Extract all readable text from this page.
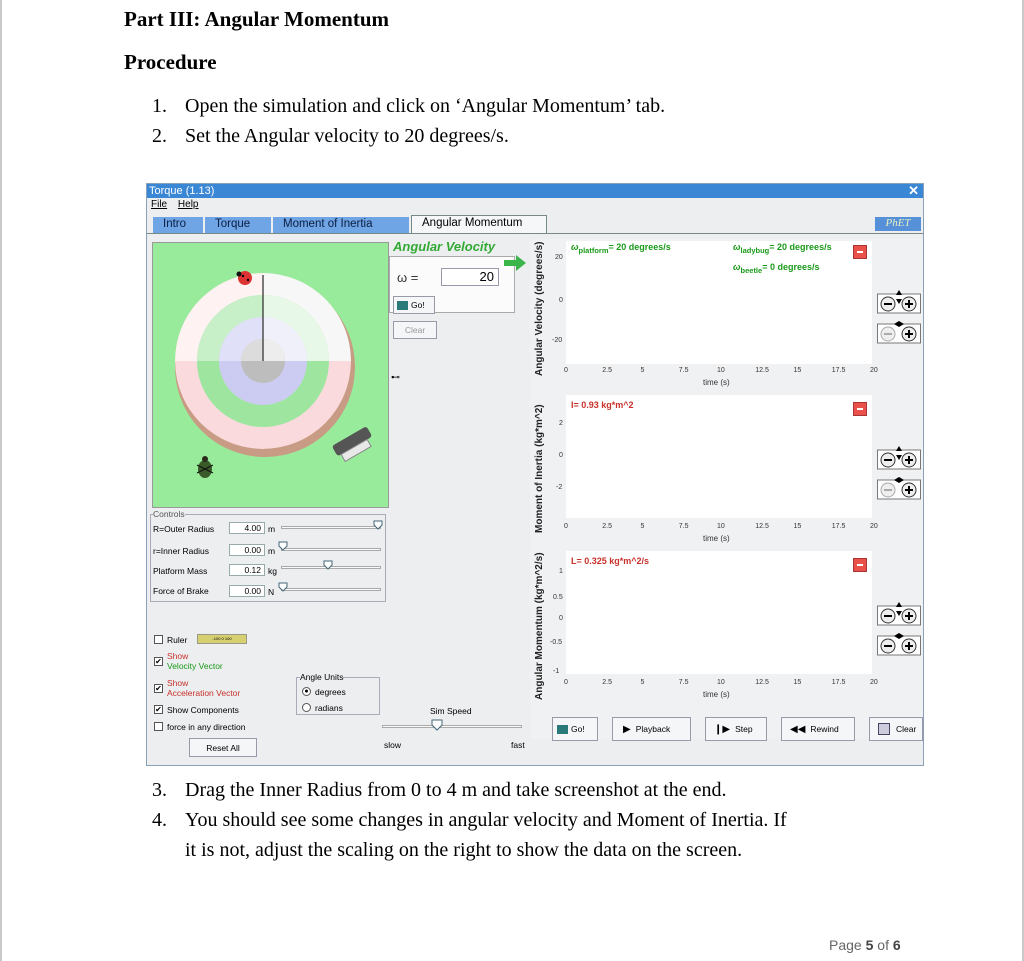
Part III: Angular Momentum
Procedure
1. Open the simulation and click on ‘Angular Momentum’ tab.
2. Set the Angular velocity to 20 degrees/s.
Torque (1.13)	✕
File Help
Intro	Torque	Moment of Inertia	Angular Momentum	PhET
⊷
Controls
R=Outer Radius	4.00 m
r=Inner Radius	0.00 m
Platform Mass	0.12 kg
Force of Brake	0.00 N
Ruler	-100 0 100
✔
Show
Velocity Vector
✔
Show
Acceleration Vector
✔ Show Components
force in any direction
Reset All
Angle Units
● degrees
radians	Sim Speed
slow	fast
Angular Velocity
ω =	20
Go!
Clear	Angular Velocity (degrees/s) 20
0
-20
$\omega_{platform}= 20$ degrees/s	$\omega_{ladybug}= 20$ degrees/s
$\omega_{beetle}= 0$ degrees/s
time (s)
0	2.5	5	7.5	10	12.5	15	17.5	20
Moment of Inertia (kg*m^2) 2
0
-2
I= 0.93 kg*m^2
time (s)
0	2.5	5	7.5	10	12.5	15	17.5	20
Angular Momentum (kg*m^2/s) 1
0.5
0
-0.5
-1
L= 0.325 kg*m^2/s
time (s)
0	2.5	5	7.5	10	12.5	15	17.5	20
Go!	▶ Playback	❙▶ Step	◀◀ Rewind	Clear
3. Drag the Inner Radius from 0 to 4 m and take screenshot at the end.
4. You should see some changes in angular velocity and Moment of Inertia. If
it is not, adjust the scaling on the right to show the data on the screen.
Page 5 of 6
